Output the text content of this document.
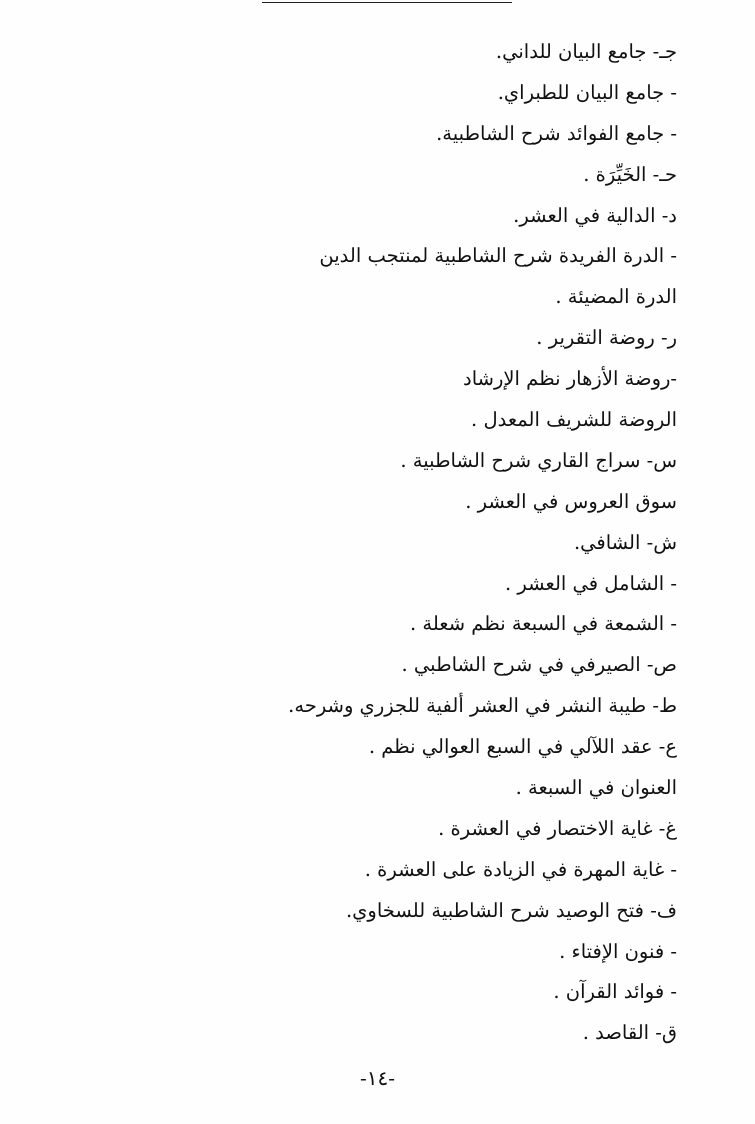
جـ- جامع البيان للداني.
- جامع البيان للطبراي.
- جامع الفوائد شرح الشاطبية.
حـ- الخَيِّرَة .
د- الدالية في العشر.
- الدرة الفريدة شرح الشاطبية لمنتجب الدين
الدرة المضيئة .
ر- روضة التقرير .
-روضة الأزهار نظم الإرشاد
الروضة للشريف المعدل .
س- سراج القاري شرح الشاطبية .
سوق العروس في العشر .
ش- الشافي.
- الشامل في العشر .
- الشمعة في السبعة نظم شعلة .
ص- الصيرفي في شرح الشاطبي .
ط- طيبة النشر في العشر ألفية للجزري وشرحه.
ع- عقد اللآلي في السبع العوالي نظم .
العنوان في السبعة .
غ- غاية الاختصار في العشرة .
- غاية المهرة في الزيادة على العشرة .
ف- فتح الوصيد شرح الشاطبية للسخاوي.
- فنون الإفتاء .
- فوائد القرآن .
ق- القاصد .
-١٤-
